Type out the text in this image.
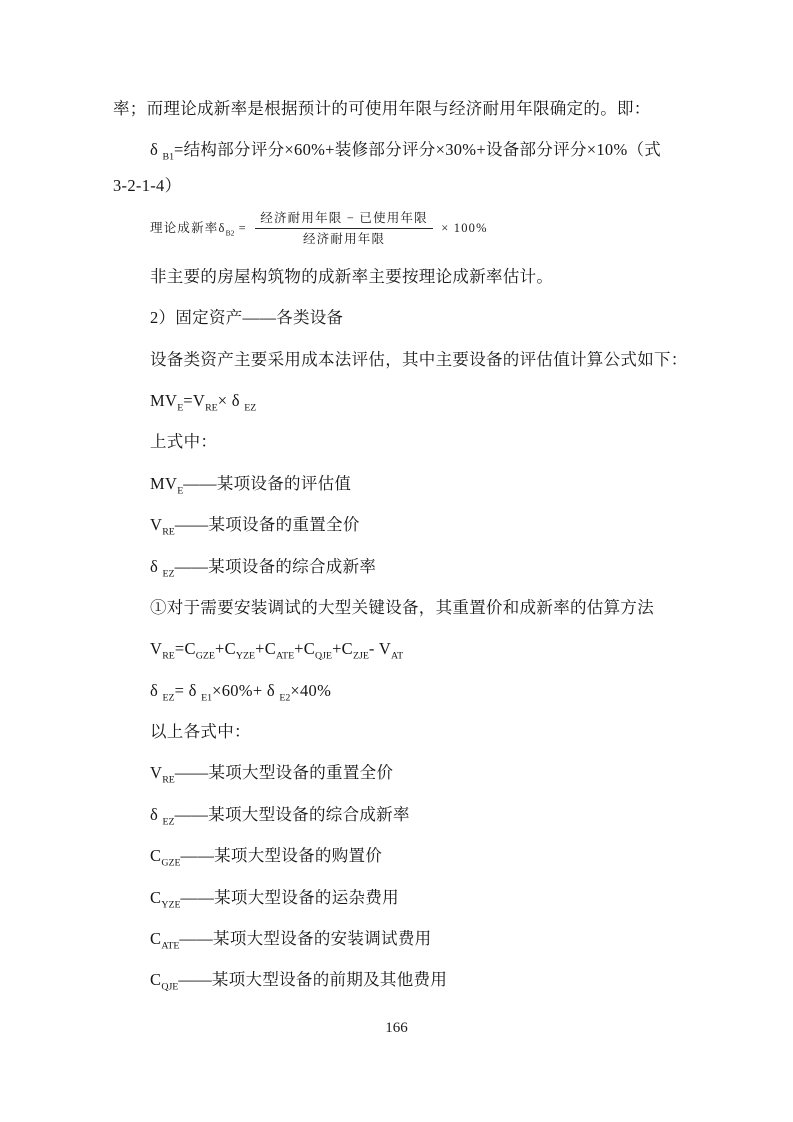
率；而理论成新率是根据预计的可使用年限与经济耐用年限确定的。即：
δ $_{B1}$=结构部分评分×60%+装修部分评分×30%+设备部分评分×10%（式
3-2-1-4）
理论成新率$\delta_{B2} = \frac{\text{经济耐用年限 − 已使用年限}}{\text{经济耐用年限}} \times 100\%$
非主要的房屋构筑物的成新率主要按理论成新率估计。
2）固定资产——各类设备
设备类资产主要采用成本法评估，其中主要设备的评估值计算公式如下：
$MV_E=V_{RE}\times \delta$ $_{EZ}$
上式中：
$MV_E——$某项设备的评估值
$V_{RE}——$某项设备的重置全价
δ $_{EZ}$——某项设备的综合成新率
①对于需要安装调试的大型关键设备，其重置价和成新率的估算方法
$V_{RE}=C_{GZE}+C_{YZE}+C_{ATE}+C_{QJE}+C_{ZJE}-$ $V_{AT}$
δ $_{EZ}$= δ $_{E1}$×60%+ δ $_{E2}$×40%
以上各式中：
$V_{RE}——$某项大型设备的重置全价
δ $_{EZ}$——某项大型设备的综合成新率
$C_{GZE}——$某项大型设备的购置价
$C_{YZE}——$某项大型设备的运杂费用
$C_{ATE}——$某项大型设备的安装调试费用
$C_{QJE}——$某项大型设备的前期及其他费用
166
